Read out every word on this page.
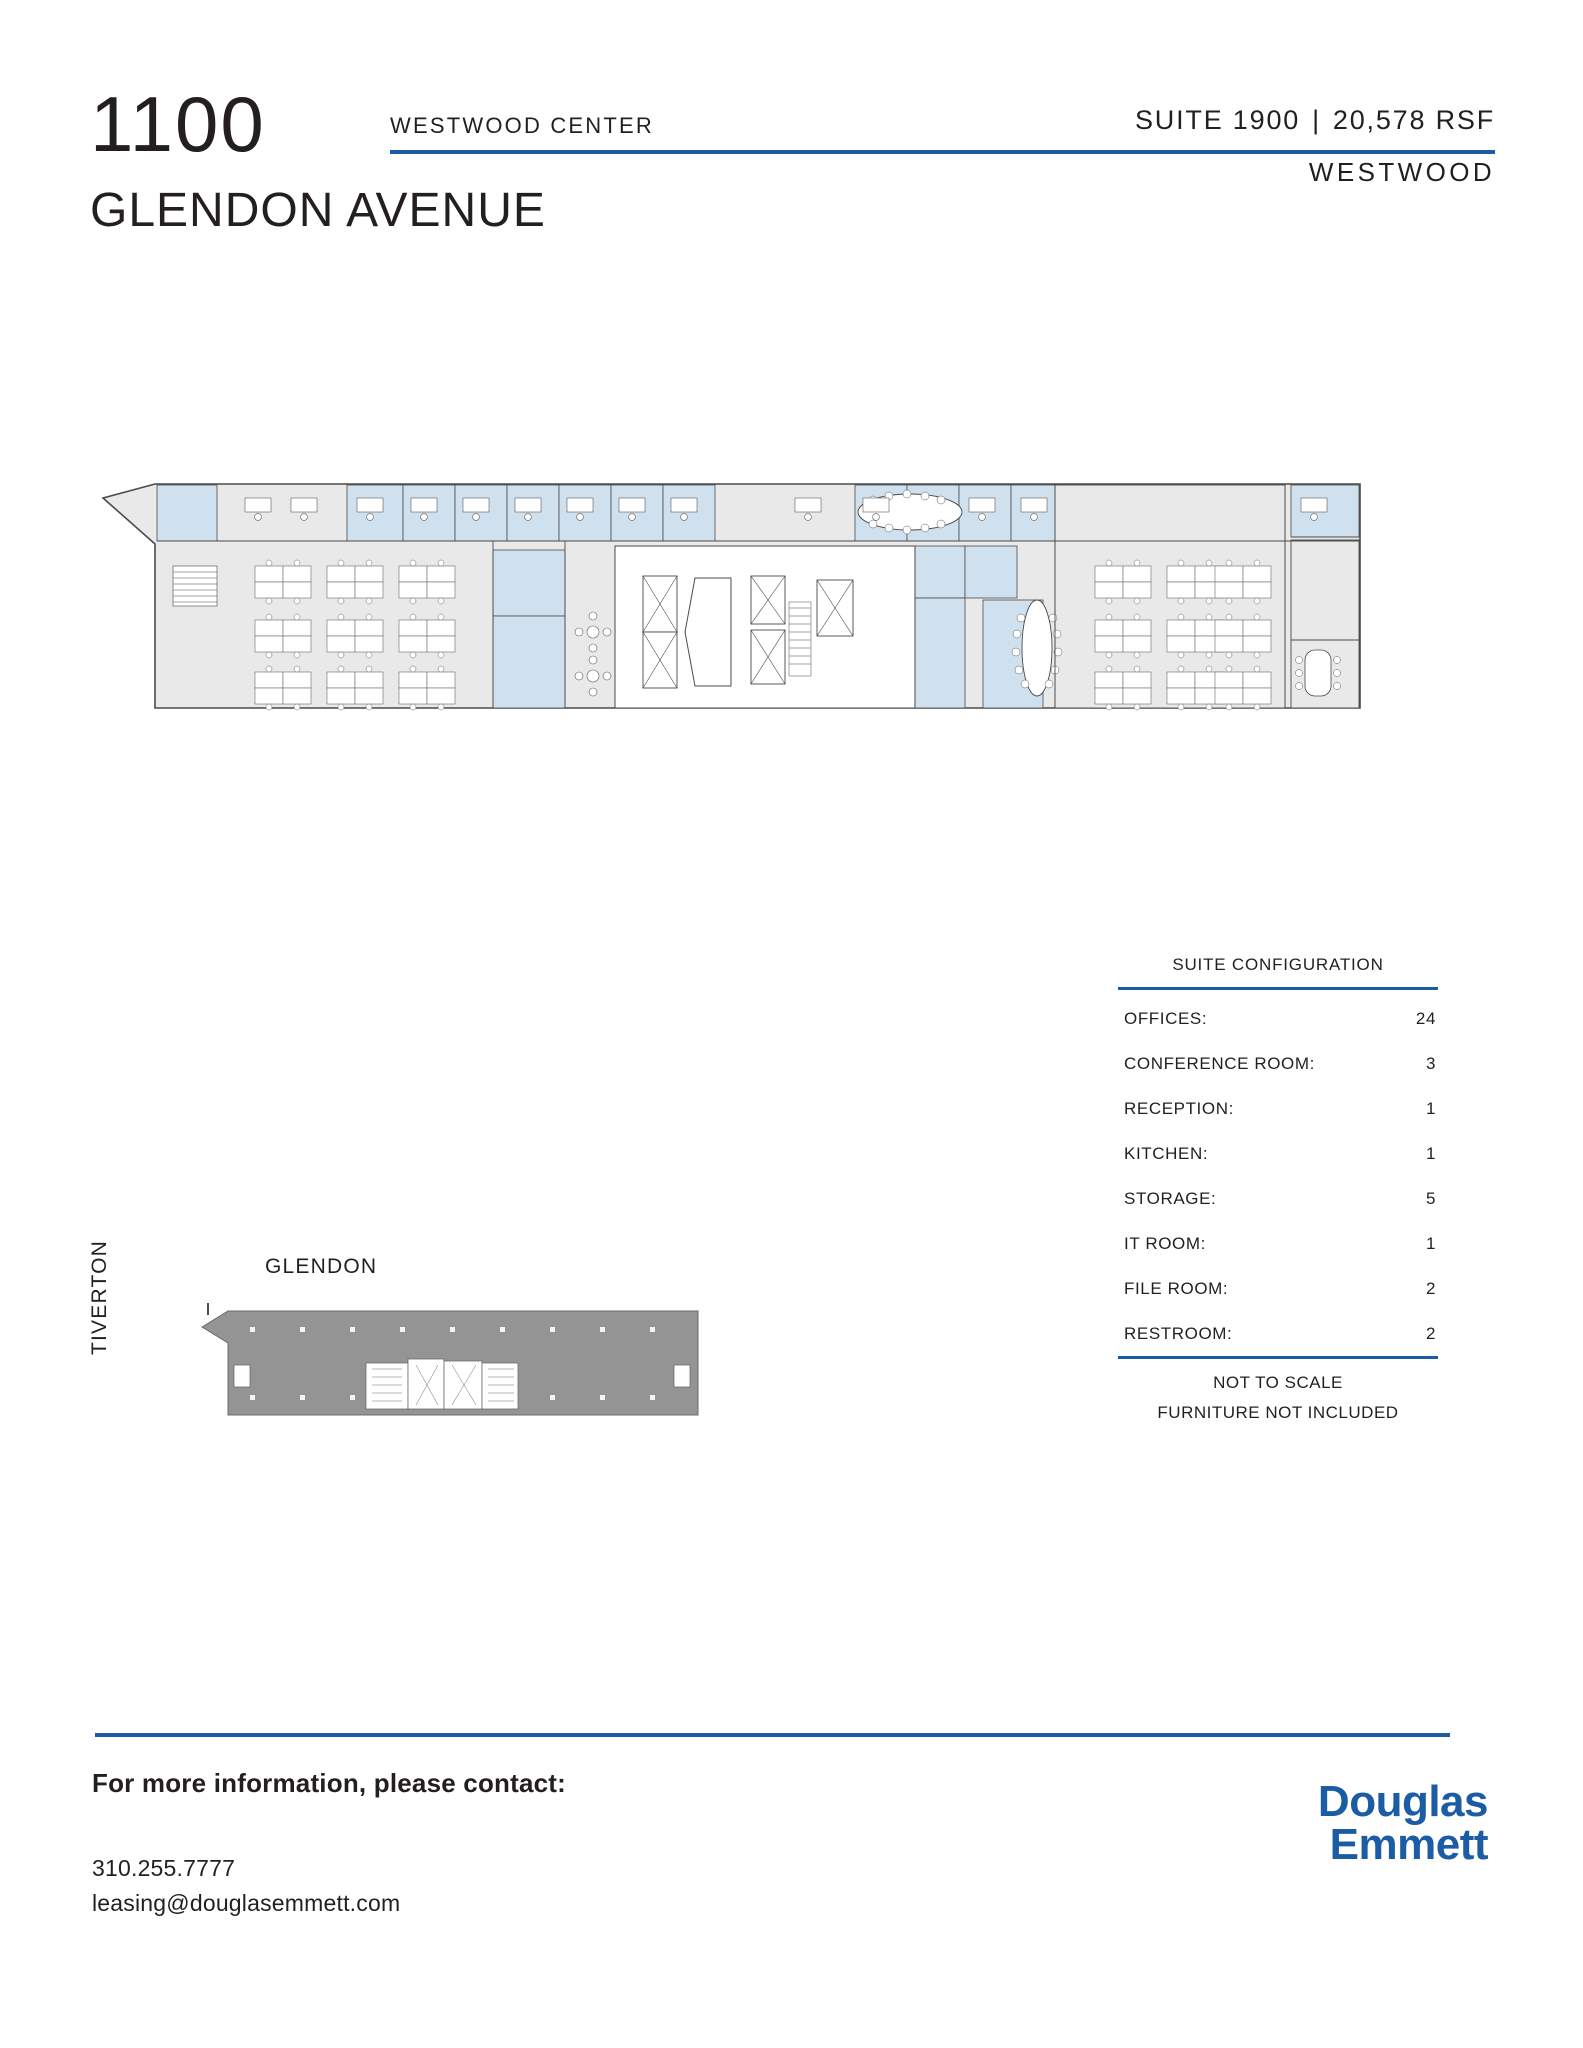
1100
GLENDON AVENUE
WESTWOOD CENTER	SUITE 1900 | 20,578 RSF
WESTWOOD
GLENDON
TIVERTON
SUITE CONFIGURATION
OFFICES:	24
CONFERENCE ROOM:	3
RECEPTION:	1
KITCHEN:	1
STORAGE:	5
IT ROOM:	1
FILE ROOM:	2
RESTROOM:	2
NOT TO SCALE
FURNITURE NOT INCLUDED
For more information, please contact:
310.255.7777
leasing@douglasemmett.com
Douglas
Emmett
